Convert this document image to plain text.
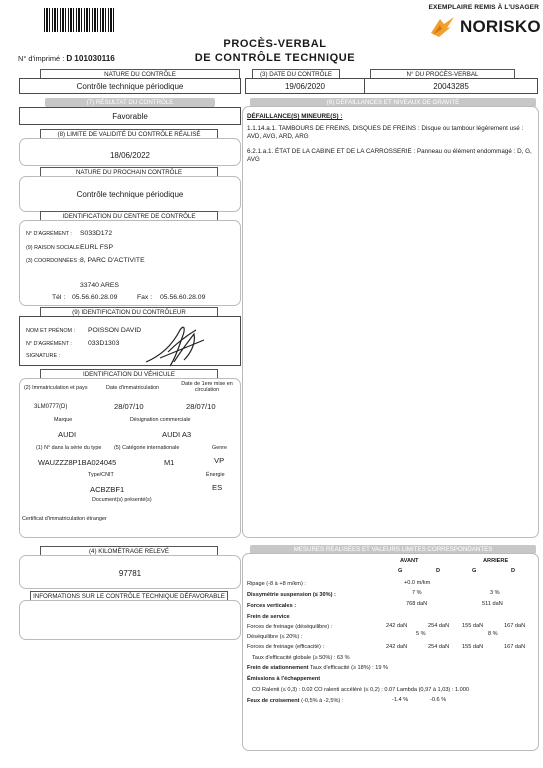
EXEMPLAIRE REMIS À L'USAGER
NORISKO
PROCÈS-VERBAL
DE CONTRÔLE TECHNIQUE
N° d'imprimé : D 101030116
NATURE DU CONTRÔLE
Contrôle technique périodique
(3) DATE DU CONTRÔLE
19/06/2020
N° DU PROCÈS-VERBAL
20043285
(7) RÉSULTAT DU CONTRÔLE
Favorable
(8) LIMITE DE VALIDITÉ DU CONTRÔLE RÉALISÉ
18/06/2022
NATURE DU PROCHAIN CONTRÔLE
Contrôle technique périodique
IDENTIFICATION DU CENTRE DE CONTRÔLE
N° D'AGRÉMENT : S033D172
(9) RAISON SOCIALE :
EURL FSP
(3) COORDONNÉES : 8, PARC D'ACTIVITE
33740 ARES
Tél : 05.56.60.28.09	Fax : 05.56.60.28.09
(9) IDENTIFICATION DU CONTRÔLEUR
NOM ET PRÉNOM : POISSON DAVID
N° D'AGRÉMENT : 033D1303
SIGNATURE :
IDENTIFICATION DU VÉHICULE
(2) Immatriculation et pays	Date d'immatriculation
Date de 1ere mise en circulation
3LM0777(D)	28/07/10	28/07/10
Marque	Désignation commerciale
AUDI	AUDI A3
(1) N° dans la série du type (5) Catégorie internationale	Genre
WAUZZZ8P1BA024045	M1	VP
Type/CNIT	Énergie
ACBZBF1	ES
Document(s) présenté(s)
Certificat d'immatriculation étranger
(4) KILOMÉTRAGE RELEVÉ
97781
INFORMATIONS SUR LE CONTRÔLE TECHNIQUE DÉFAVORABLE
(6) DÉFAILLANCES ET NIVEAUX DE GRAVITÉ
DÉFAILLANCE(S) MINEURE(S) :
1.1.14.a.1. TAMBOURS DE FREINS, DISQUES DE FREINS : Disque ou tambour légèrement usé : AVD, AVG, ARD, ARG
6.2.1.a.1. ÉTAT DE LA CABINE ET DE LA CARROSSERIE : Panneau ou élément endommagé : D, G, AVG
MESURES RÉALISÉES ET VALEURS LIMITES CORRESPONDANTES
AVANT	ARRIERE
G	D	G	D
Ripage (-8 à +8 m/km) :	+0.0 m/km
Dissymétrie suspension (≤ 30%) :	7 %	3 %
Forces verticales :	768 daN	511 daN
Frein de service
Forces de freinage (déséquilibre) :	242 daN	254 daN 155 daN	167 daN
Déséquilibre (≤ 20%) :	5 %	8 %
Forces de freinage (efficacité) :	242 daN	254 daN 155 daN	167 daN
Taux d'efficacité globale (≥ 50%) : 63 %
Frein de stationnement Taux d'efficacité (≥ 18%) : 19 %
Émissions à l'échappement
CO Ralenti (≤ 0,3) : 0.02 CO ralenti accéléré (≤ 0,2) : 0.07 Lambda (0,97 à 1,03) : 1.000
Feux de croisement (-0,5% à -2,5%) :	-1.4 %	-0.6 %
